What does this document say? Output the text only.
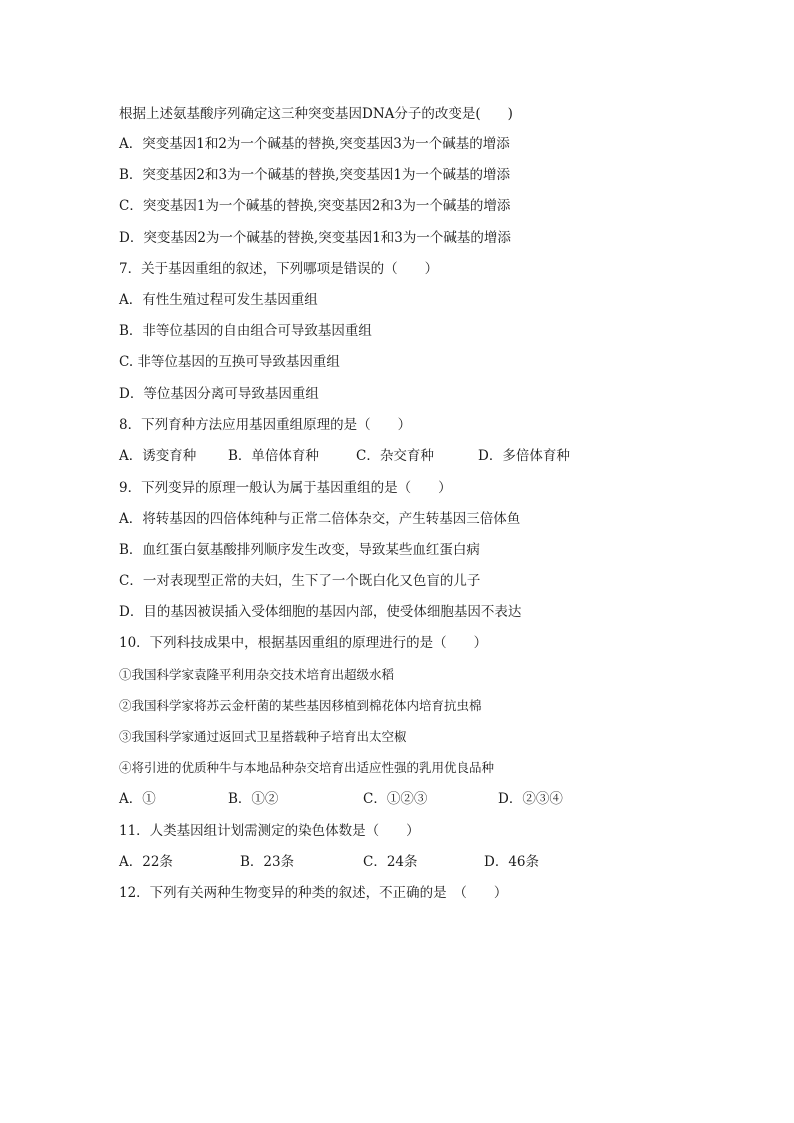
根据上述氨基酸序列确定这三种突变基因DNA分子的改变是(　　)
A．突变基因1和2为一个碱基的替换,突变基因3为一个碱基的增添
B．突变基因2和3为一个碱基的替换,突变基因1为一个碱基的增添
C．突变基因1为一个碱基的替换,突变基因2和3为一个碱基的增添
D．突变基因2为一个碱基的替换,突变基因1和3为一个碱基的增添
7．关于基因重组的叙述，下列哪项是错误的（　　）
A．有性生殖过程可发生基因重组
B．非等位基因的自由组合可导致基因重组
C. 非等位基因的互换可导致基因重组
D．等位基因分离可导致基因重组
8．下列育种方法应用基因重组原理的是（　　）
A．诱变育种 B．单倍体育种	C．杂交育种	D．多倍体育种
9．下列变异的原理一般认为属于基因重组的是（　　）
A．将转基因的四倍体纯种与正常二倍体杂交，产生转基因三倍体鱼
B．血红蛋白氨基酸排列顺序发生改变，导致某些血红蛋白病
C．一对表现型正常的夫妇，生下了一个既白化又色盲的儿子
D．目的基因被误插入受体细胞的基因内部，使受体细胞基因不表达
10．下列科技成果中，根据基因重组的原理进行的是（　　）
①我国科学家袁隆平利用杂交技术培育出超级水稻
②我国科学家将苏云金杆菌的某些基因移植到棉花体内培育抗虫棉
③我国科学家通过返回式卫星搭载种子培育出太空椒
④将引进的优质种牛与本地品种杂交培育出适应性强的乳用优良品种
A．①	B．①②	C．①②③	D．②③④
11．人类基因组计划需测定的染色体数是（　　）
A．22条	B．23条	C．24条	D．46条
12．下列有关两种生物变异的种类的叙述，不正确的是　（　　）
